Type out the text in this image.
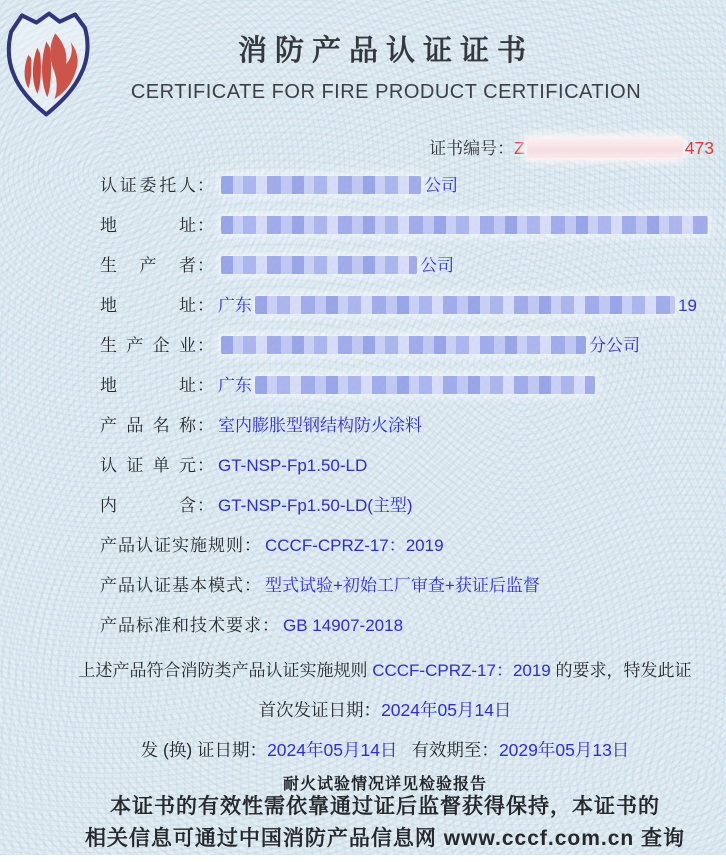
消防产品认证证书
CERTIFICATE FOR FIRE PRODUCT CERTIFICATION
证书编号：Z	473
认证委托人：	公司
地址：
生产者：	公司
地址： 广东	19
生产企业：	分公司
地址： 广东
产品名称： 室内膨胀型钢结构防火涂料
认证单元： GT-NSP-Fp1.50-LD
内含： GT-NSP-Fp1.50-LD(主型)
产品认证实施规则： CCCF-CPRZ-17：2019
产品认证基本模式： 型式试验+初始工厂审查+获证后监督
产品标准和技术要求： GB 14907-2018
上述产品符合消防类产品认证实施规则 CCCF-CPRZ-17：2019 的要求，特发此证
首次发证日期：2024年05月14日
发 (换) 证日期：2024年05月14日 有效期至：2029年05月13日
耐火试验情况详见检验报告
本证书的有效性需依靠通过证后监督获得保持，本证书的
相关信息可通过中国消防产品信息网 www.cccf.com.cn 查询
